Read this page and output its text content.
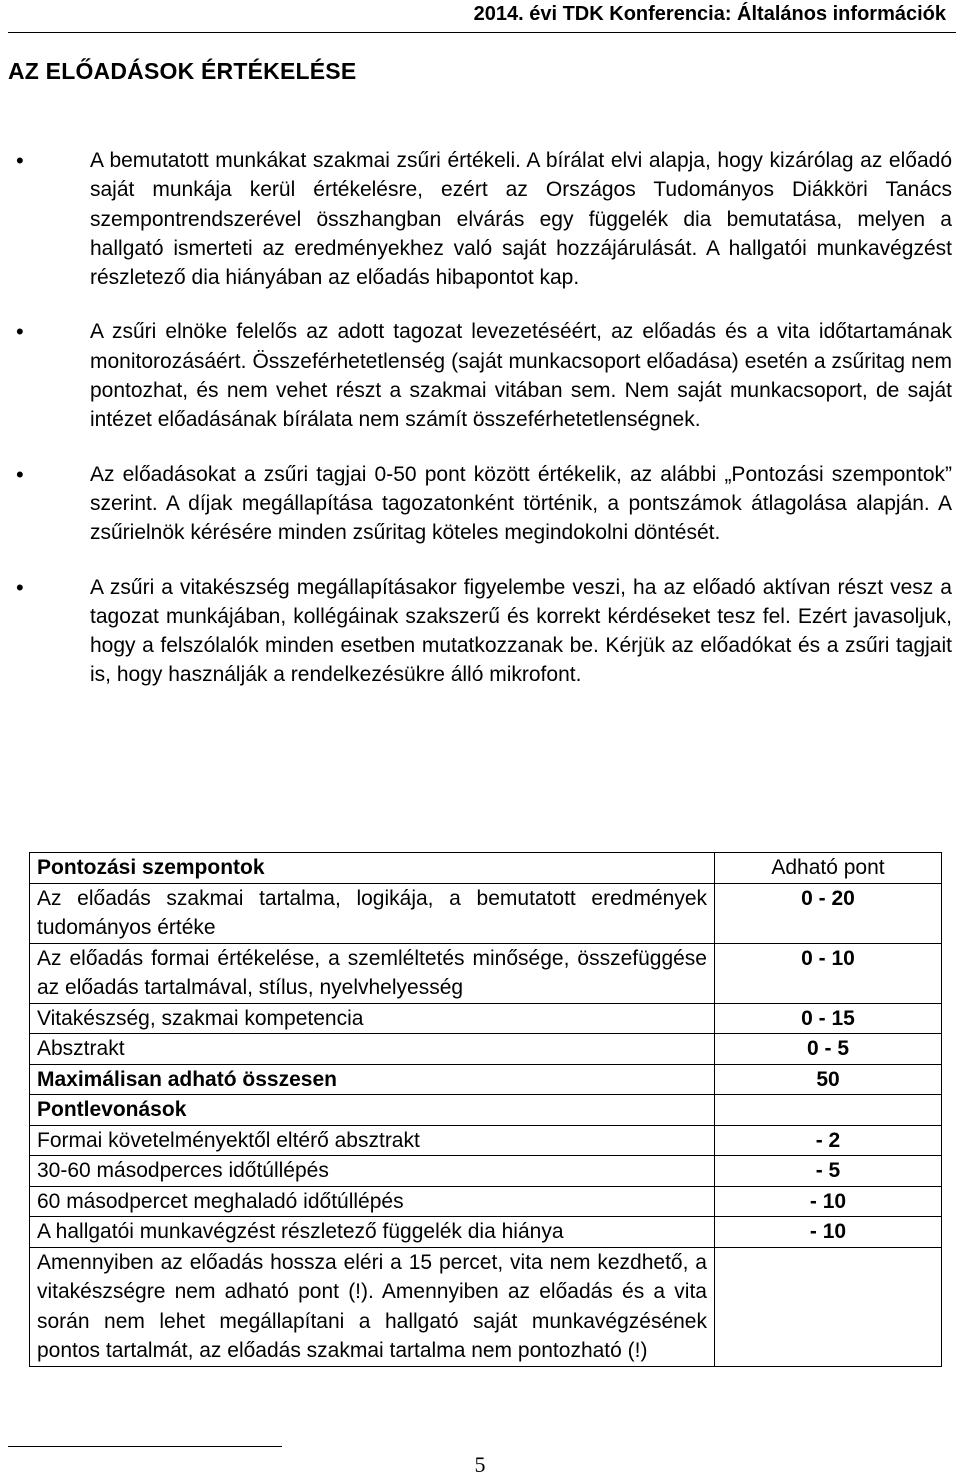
2014. évi TDK Konferencia: Általános információk
AZ ELŐADÁSOK ÉRTÉKELÉSE
•	A bemutatott munkákat szakmai zsűri értékeli. A bírálat elvi alapja, hogy kizárólag az előadó saját munkája kerül értékelésre, ezért az Országos Tudományos Diákköri Tanács szempontrendszerével összhangban elvárás egy függelék dia bemutatása, melyen a hallgató ismerteti az eredményekhez való saját hozzájárulását. A hallgatói munkavégzést részletező dia hiányában az előadás hibapontot kap.
•	A zsűri elnöke felelős az adott tagozat levezetéséért, az előadás és a vita időtartamának monitorozásáért. Összeférhetetlenség (saját munkacsoport előadása) esetén a zsűritag nem pontozhat, és nem vehet részt a szakmai vitában sem. Nem saját munkacsoport, de saját intézet előadásának bírálata nem számít összeférhetetlenségnek.
•	Az előadásokat a zsűri tagjai 0-50 pont között értékelik, az alábbi „Pontozási szempontok” szerint. A díjak megállapítása tagozatonként történik, a pontszámok átlagolása alapján. A zsűrielnök kérésére minden zsűritag köteles megindokolni döntését.
•	A zsűri a vitakészség megállapításakor figyelembe veszi, ha az előadó aktívan részt vesz a tagozat munkájában, kollégáinak szakszerű és korrekt kérdéseket tesz fel. Ezért javasoljuk, hogy a felszólalók minden esetben mutatkozzanak be. Kérjük az előadókat és a zsűri tagjait is, hogy használják a rendelkezésükre álló mikrofont.
Pontozási szempontok	Adható pont
Az előadás szakmai tartalma, logikája, a bemutatott eredmények tudományos értéke	0 - 20
Az előadás formai értékelése, a szemléltetés minősége, összefüggése az előadás tartalmával, stílus, nyelvhelyesség	0 - 10
Vitakészség, szakmai kompetencia	0 - 15
Absztrakt	0 - 5
Maximálisan adható összesen	50
Pontlevonások	
Formai követelményektől eltérő absztrakt	- 2
30-60 másodperces időtúllépés	- 5
60 másodpercet meghaladó időtúllépés	- 10
A hallgatói munkavégzést részletező függelék dia hiánya	- 10
Amennyiben az előadás hossza eléri a 15 percet, vita nem kezdhető, a vitakészségre nem adható pont (!). Amennyiben az előadás és a vita során nem lehet megállapítani a hallgató saját munkavégzésének pontos tartalmát, az előadás szakmai tartalma nem pontozható (!)	
5
